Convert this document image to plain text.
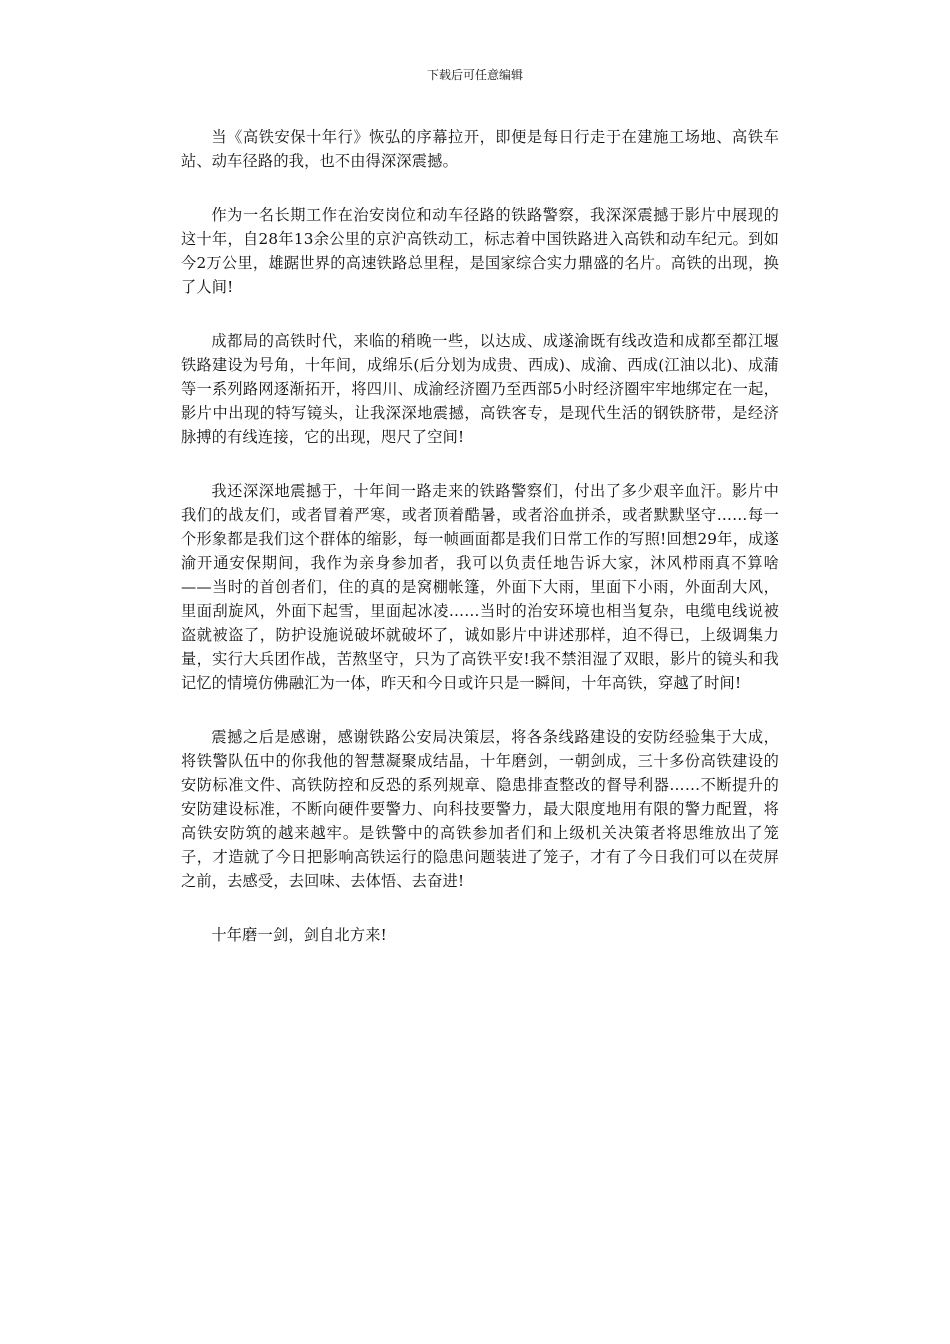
下载后可任意编辑

当《高铁安保十年行》恢弘的序幕拉开，即便是每日行走于在建施工场地、高铁车站、动车径路的我，也不由得深深震撼。

作为一名长期工作在治安岗位和动车径路的铁路警察，我深深震撼于影片中展现的这十年，自28年13余公里的京沪高铁动工，标志着中国铁路进入高铁和动车纪元。到如今2万公里，雄踞世界的高速铁路总里程，是国家综合实力鼎盛的名片。高铁的出现，换了人间!

成都局的高铁时代，来临的稍晚一些，以达成、成遂渝既有线改造和成都至都江堰铁路建设为号角，十年间，成绵乐(后分划为成贵、西成)、成渝、西成(江油以北)、成蒲等一系列路网逐渐拓开，将四川、成渝经济圈乃至西部5小时经济圈牢牢地绑定在一起，影片中出现的特写镜头，让我深深地震撼，高铁客专，是现代生活的钢铁脐带，是经济脉搏的有线连接，它的出现，咫尺了空间!

我还深深地震撼于，十年间一路走来的铁路警察们，付出了多少艰辛血汗。影片中我们的战友们，或者冒着严寒，或者顶着酷暑，或者浴血拼杀，或者默默坚守……每一个形象都是我们这个群体的缩影，每一帧画面都是我们日常工作的写照!回想29年，成遂渝开通安保期间，我作为亲身参加者，我可以负责任地告诉大家，沐风栉雨真不算啥——当时的首创者们，住的真的是窝棚帐篷，外面下大雨，里面下小雨，外面刮大风，里面刮旋风，外面下起雪，里面起冰凌……当时的治安环境也相当复杂，电缆电线说被盗就被盗了，防护设施说破坏就破坏了，诚如影片中讲述那样，迫不得已，上级调集力量，实行大兵团作战，苦熬坚守，只为了高铁平安!我不禁泪湿了双眼，影片的镜头和我记忆的情境仿佛融汇为一体，昨天和今日或许只是一瞬间，十年高铁，穿越了时间!

震撼之后是感谢，感谢铁路公安局决策层，将各条线路建设的安防经验集于大成，将铁警队伍中的你我他的智慧凝聚成结晶，十年磨剑，一朝剑成，三十多份高铁建设的安防标准文件、高铁防控和反恐的系列规章、隐患排查整改的督导利器……不断提升的安防建设标准，不断向硬件要警力、向科技要警力，最大限度地用有限的警力配置，将高铁安防筑的越来越牢。是铁警中的高铁参加者们和上级机关决策者将思维放出了笼子，才造就了今日把影响高铁运行的隐患问题装进了笼子，才有了今日我们可以在荧屏之前，去感受，去回味、去体悟、去奋进!

十年磨一剑，剑自北方来!
